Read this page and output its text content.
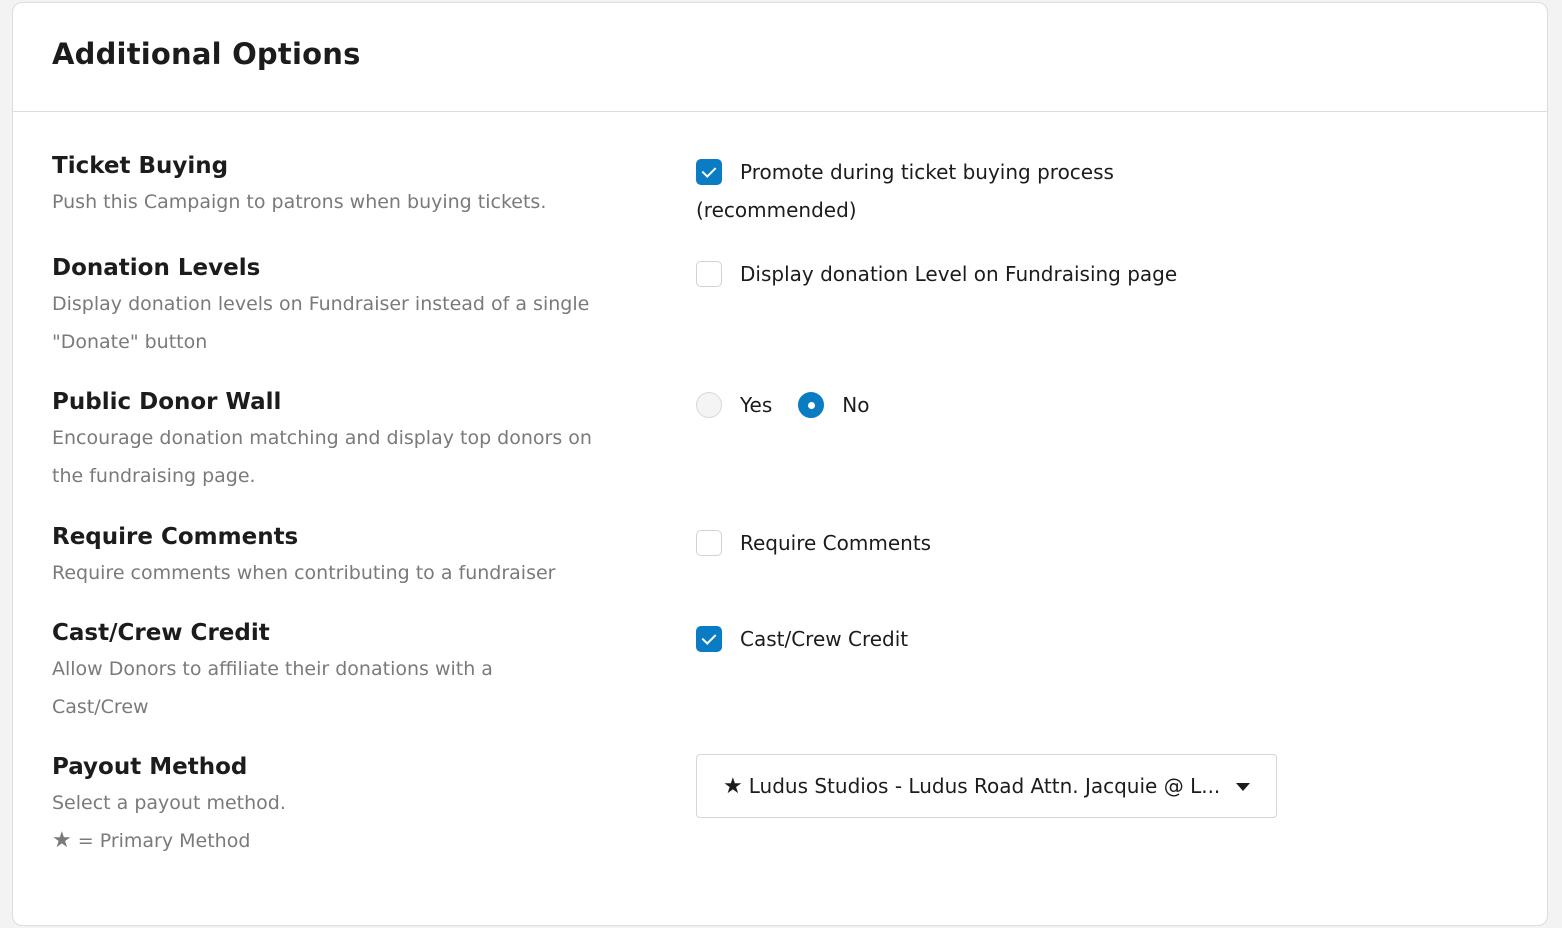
Additional Options
Ticket Buying
Push this Campaign to patrons when buying tickets.
Promote during ticket buying process
(recommended)
Donation Levels
Display donation levels on Fundraiser instead of a single
"Donate" button
Display donation Level on Fundraising page
Public Donor Wall
Encourage donation matching and display top donors on
the fundraising page.
Yes	No
Require Comments
Require comments when contributing to a fundraiser
Require Comments
Cast/Crew Credit
Allow Donors to affiliate their donations with a
Cast/Crew
Cast/Crew Credit
Payout Method
Select a payout method.
★ = Primary Method
★ Ludus Studios - Ludus Road Attn. Jacquie @ L...
